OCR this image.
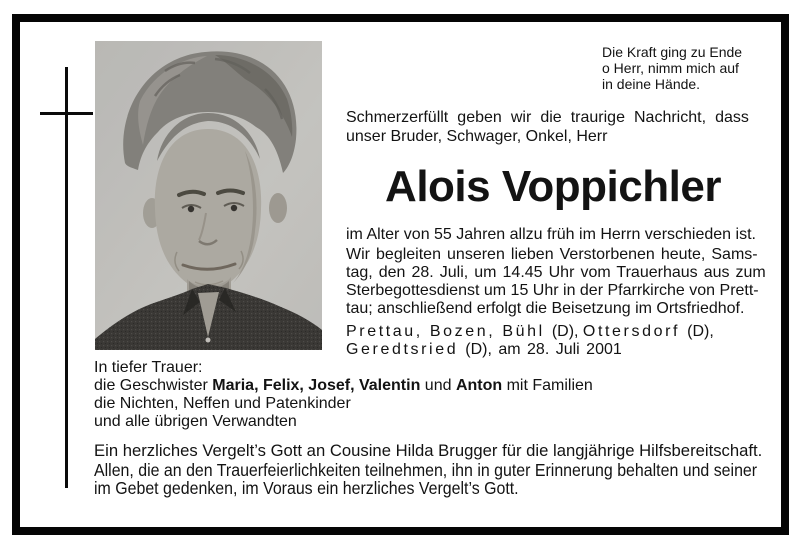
Die Kraft ging zu Ende
o Herr, nimm mich auf
in deine Hände.
Schmerzerfüllt geben wir die traurige Nachricht, dass
unser Bruder, Schwager, Onkel, Herr
Alois Voppichler
im Alter von 55 Jahren allzu früh im Herrn verschieden ist.
Wir begleiten unseren lieben Verstorbenen heute, Sams-
tag, den 28. Juli, um 14.45 Uhr vom Trauerhaus aus zum
Sterbegottesdienst um 15 Uhr in der Pfarrkirche von Prett-
tau; anschließend erfolgt die Beisetzung im Ortsfriedhof.
Prettau, Bozen, Bühl (D), Ottersdorf (D),
Geredtsried (D), am 28. Juli 2001
In tiefer Trauer:
die Geschwister Maria, Felix, Josef, Valentin und Anton mit Familien
die Nichten, Neffen und Patenkinder
und alle übrigen Verwandten
Ein herzliches Vergelt’s Gott an Cousine Hilda Brugger für die langjährige Hilfsbereitschaft.
Allen, die an den Trauerfeierlichkeiten teilnehmen, ihn in guter Erinnerung behalten und seiner
im Gebet gedenken, im Voraus ein herzliches Vergelt’s Gott.
